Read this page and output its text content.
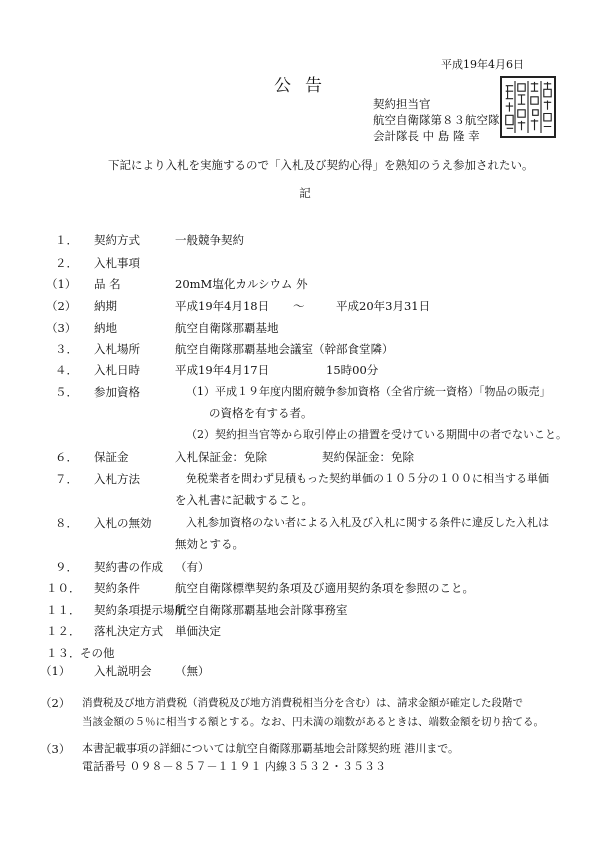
平成19年4月6日
公告
契約担当官
航空自衛隊第８３航空隊
会計隊長 中 島 隆 幸
下記により入札を実施するので「入札及び契約心得」を熟知のうえ参加されたい。
記
１． 契約方式	一般競争契約
２． 入札事項
（1） 品 名	20mM塩化カルシウム 外
（2） 納期	平成19年4月18日 ～	平成20年3月31日
（3） 納地	航空自衛隊那覇基地
３． 入札場所	航空自衛隊那覇基地会議室（幹部食堂隣）
４． 入札日時	平成19年4月17日	15時00分
５． 参加資格	（1）平成１９年度内閣府競争参加資格（全省庁統一資格）「物品の販売」
の資格を有する者。
（2）契約担当官等から取引停止の措置を受けている期間中の者でないこと。
６． 保証金	入札保証金：免除	契約保証金：免除
７． 入札方法	免税業者を問わず見積もった契約単価の１０５分の１００に相当する単価
を入札書に記載すること。
８． 入札の無効	入札参加資格のない者による入札及び入札に関する条件に違反した入札は
無効とする。
９． 契約書の作成 （有）
１０． 契約条件	航空自衛隊標準契約条項及び適用契約条項を参照のこと。
１１． 契約条項提示場所
航空自衛隊那覇基地会計隊事務室
１２． 落札決定方式 単価決定
１３． その他
（1） 入札説明会 （無）
（2） 消費税及び地方消費税（消費税及び地方消費税相当分を含む）は、請求金額が確定した段階で
当該金額の５％に相当する額とする。なお、円未満の端数があるときは、端数金額を切り捨てる。
（3） 本書記載事項の詳細については航空自衛隊那覇基地会計隊契約班 港川まで。
電話番号 ０９８－８５７－１１９１ 内線３５３２・３５３３
